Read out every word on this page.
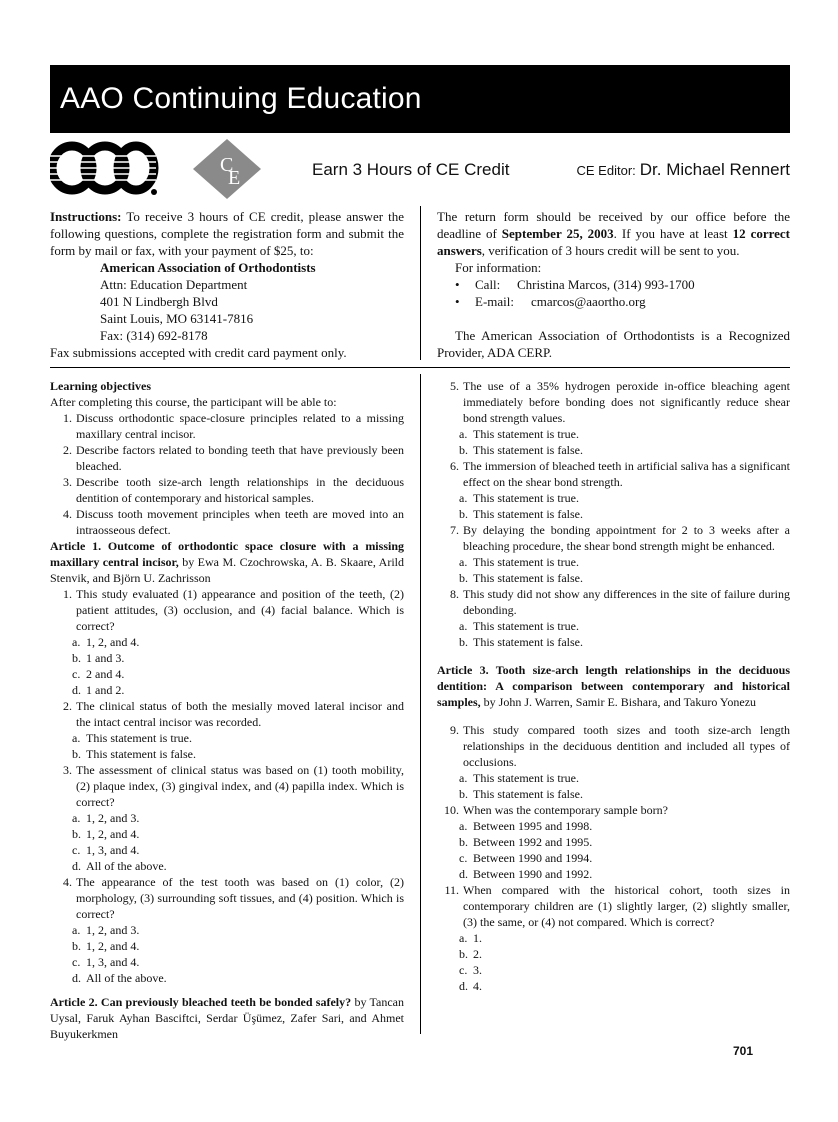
AAO Continuing Education
C
E	Earn 3 Hours of CE Credit	CE Editor: Dr. Michael Rennert

Instructions: To receive 3 hours of CE credit, please answer the following questions, complete the registration form and submit the form by mail or fax, with your payment of $25, to:

American Association of Orthodontists

Attn: Education Department

401 N Lindbergh Blvd

Saint Louis, MO 63141-7816

Fax: (314) 692-8178

Fax submissions accepted with credit card payment only.

The return form should be received by our office before the deadline of September 25, 2003. If you have at least 12 correct answers, verification of 3 hours credit will be sent to you.

For information:

•	Call:	Christina Marcos, (314) 993-1700
•	E-mail:	cmarcos@aaortho.org

The American Association of Orthodontists is a Recognized Provider, ADA CERP.

Learning objectives

After completing this course, the participant will be able to:

1. Discuss orthodontic space-closure principles related to a missing maxillary central incisor.
2. Describe factors related to bonding teeth that have previously been bleached.
3. Describe tooth size-arch length relationships in the deciduous dentition of contemporary and historical samples.
4. Discuss tooth movement principles when teeth are moved into an intraosseous defect.

Article 1. Outcome of orthodontic space closure with a missing maxillary central incisor, by Ewa M. Czochrowska, A. B. Skaare, Arild Stenvik, and Björn U. Zachrisson

1. This study evaluated (1) appearance and position of the teeth, (2) patient attitudes, (3) occlusion, and (4) facial balance. Which is correct?
a. 1, 2, and 4.
b. 1 and 3.
c. 2 and 4.
d. 1 and 2.
2. The clinical status of both the mesially moved lateral incisor and the intact central incisor was recorded.
a. This statement is true.
b. This statement is false.
3. The assessment of clinical status was based on (1) tooth mobility, (2) plaque index, (3) gingival index, and (4) papilla index. Which is correct?
a. 1, 2, and 3.
b. 1, 2, and 4.
c. 1, 3, and 4.
d. All of the above.
4. The appearance of the test tooth was based on (1) color, (2) morphology, (3) surrounding soft tissues, and (4) position. Which is correct?
a. 1, 2, and 3.
b. 1, 2, and 4.
c. 1, 3, and 4.
d. All of the above.

Article 2. Can previously bleached teeth be bonded safely? by Tancan Uysal, Faruk Ayhan Basciftci, Serdar Üşümez, Zafer Sari, and Ahmet Buyukerkmen

5. The use of a 35% hydrogen peroxide in-office bleaching agent immediately before bonding does not significantly reduce shear bond strength values.
a. This statement is true.
b. This statement is false.
6. The immersion of bleached teeth in artificial saliva has a significant effect on the shear bond strength.
a. This statement is true.
b. This statement is false.
7. By delaying the bonding appointment for 2 to 3 weeks after a bleaching procedure, the shear bond strength might be enhanced.
a. This statement is true.
b. This statement is false.
8. This study did not show any differences in the site of failure during debonding.
a. This statement is true.
b. This statement is false.

Article 3. Tooth size-arch length relationships in the deciduous dentition: A comparison between contemporary and historical samples, by John J. Warren, Samir E. Bishara, and Takuro Yonezu

9. This study compared tooth sizes and tooth size-arch length relationships in the deciduous dentition and included all types of occlusions.
a. This statement is true.
b. This statement is false.
10. When was the contemporary sample born?
a. Between 1995 and 1998.
b. Between 1992 and 1995.
c. Between 1990 and 1994.
d. Between 1990 and 1992.
11. When compared with the historical cohort, tooth sizes in contemporary children are (1) slightly larger, (2) slightly smaller, (3) the same, or (4) not compared. Which is correct?
a. 1.
b. 2.
c. 3.
d. 4.
701
